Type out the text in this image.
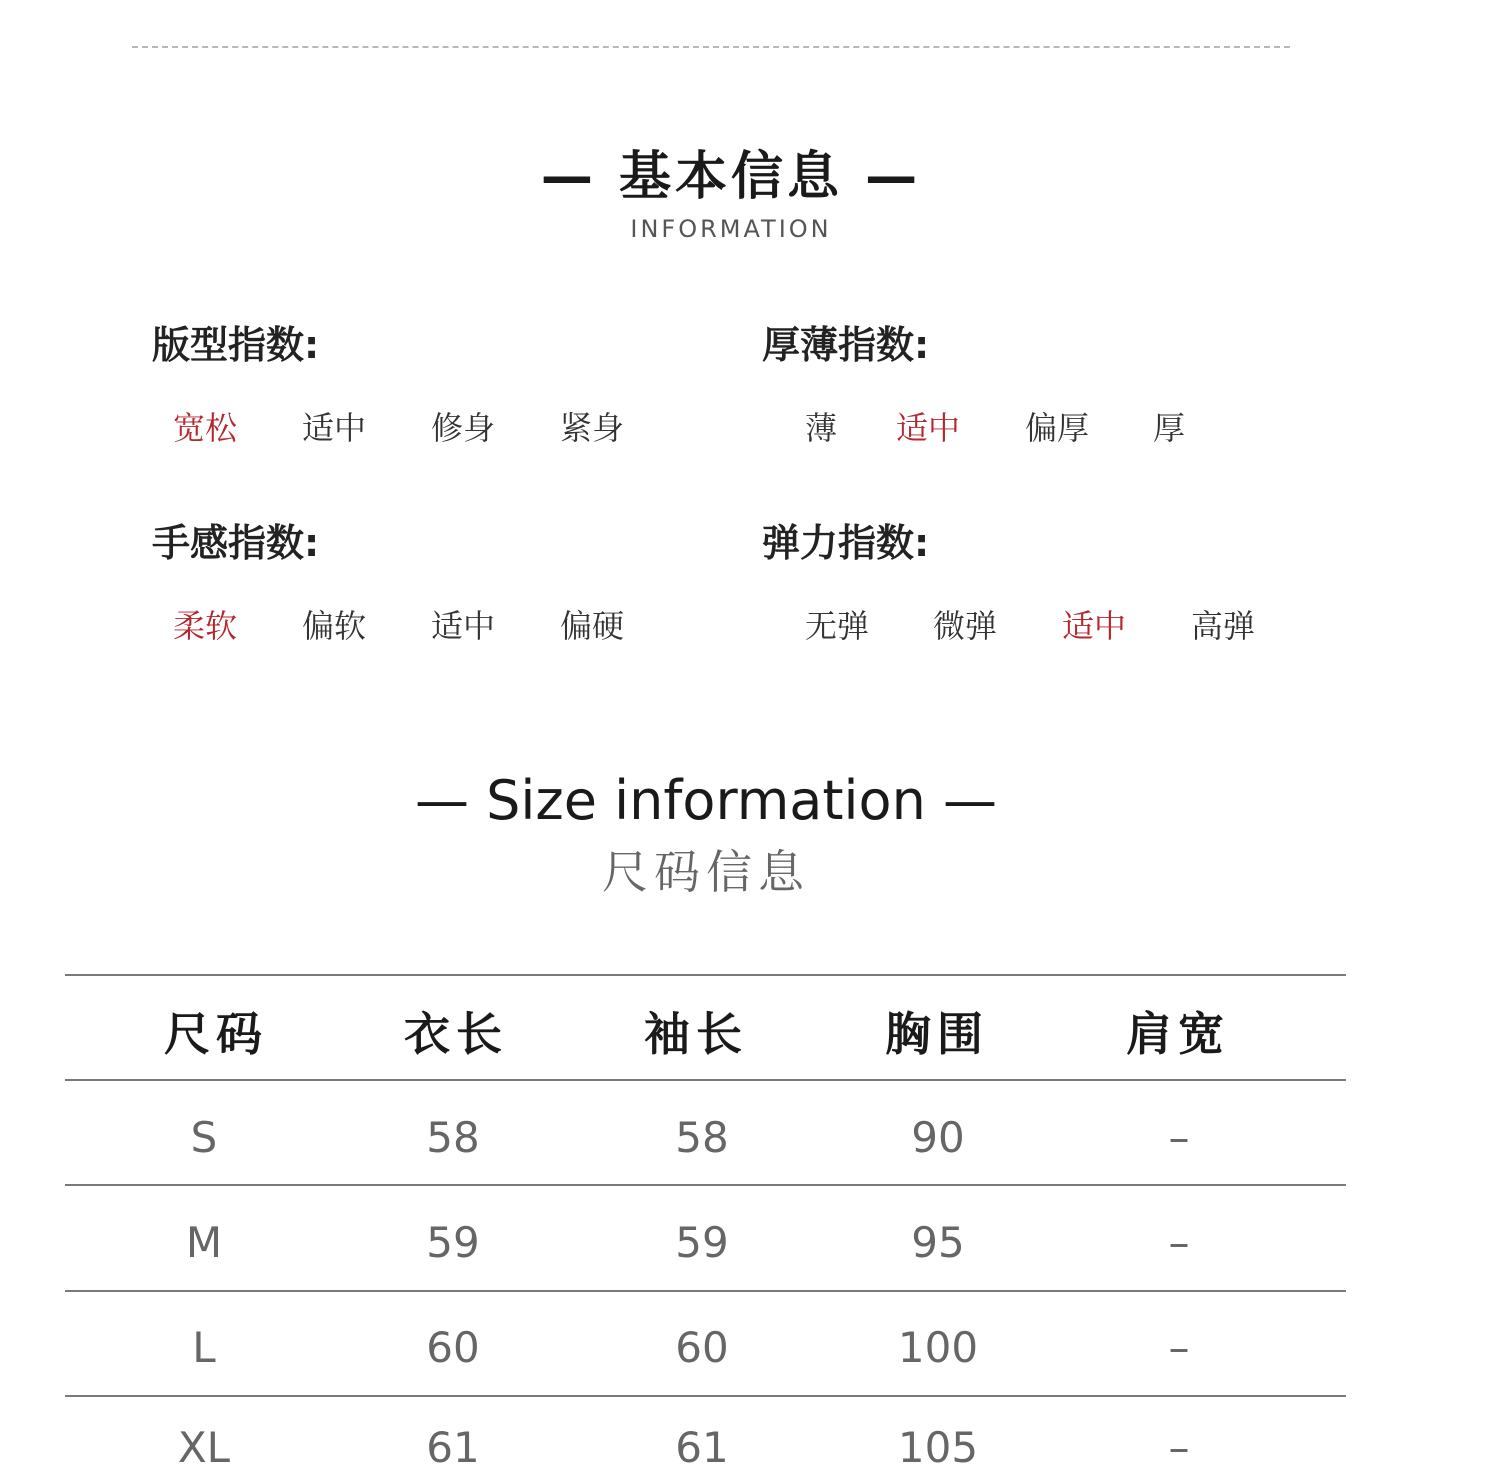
— 基本信息 —
INFORMATION
版型指数:
宽松 适中 修身 紧身
厚薄指数:
薄 适中 偏厚 厚
手感指数:
柔软 偏软 适中 偏硬
弹力指数:
无弹 微弹 适中 高弹
— Size information —
尺码信息
尺码	衣长	袖长	胸围	肩宽
S	58	58	90	–
M	59	59	95	–
L	60	60	100	–
XL	61	61	105	–
